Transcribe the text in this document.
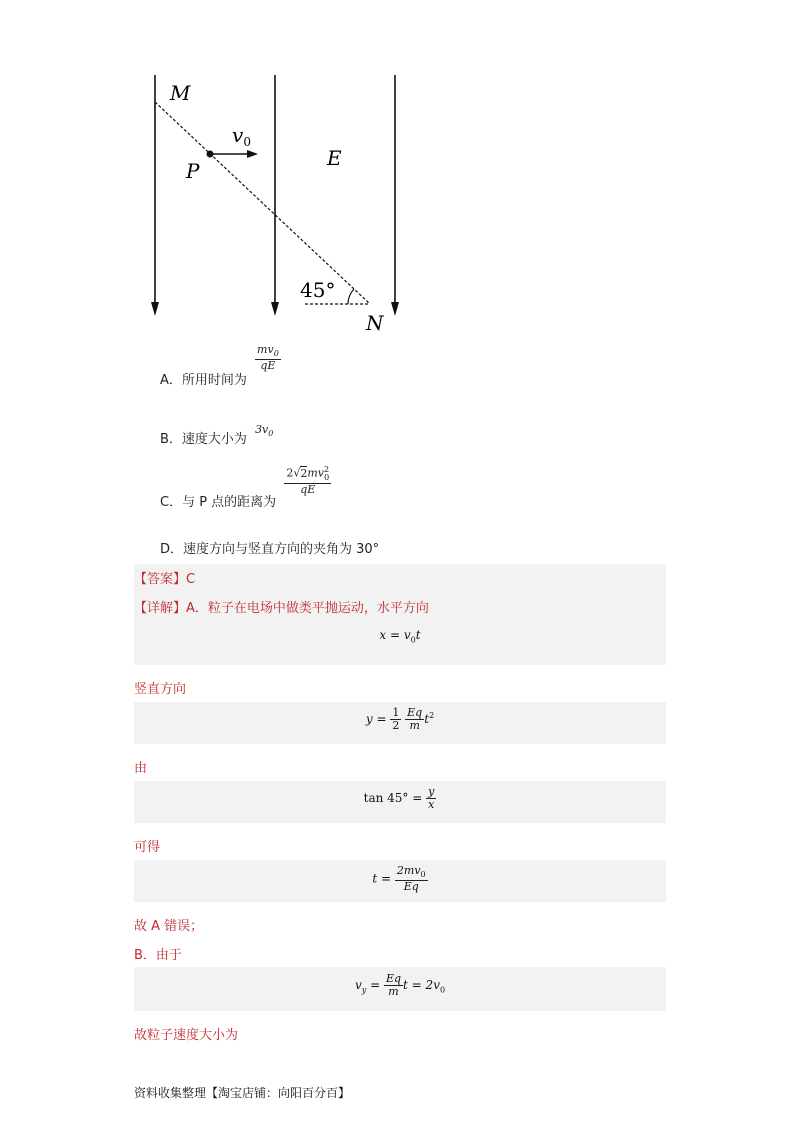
M
P
$v_0$
E
N
45°
A．所用时间为
$\frac{mv_0}{qE}$
B．速度大小为 $3v_0$
C．与 P 点的距离为
$\frac{2√2mv^2_0}{qE}$
D．速度方向与竖直方向的夹角为 30°
【答案】C
【详解】A．粒子在电场中做类平抛运动，水平方向
$x = v_0t$
竖直方向
$y = \frac{1}{2}$
$\frac{Eq}{m} t^2$
由
$\tan 45^\circ = \frac{y}{x}$
可得
$t = \frac{2mv_0}{Eq}$
故 A 错误；
B．由于
$v_y = \frac{Eq}{m}$ $t = 2v_0$
故粒子速度大小为
资料收集整理【淘宝店铺：向阳百分百】
